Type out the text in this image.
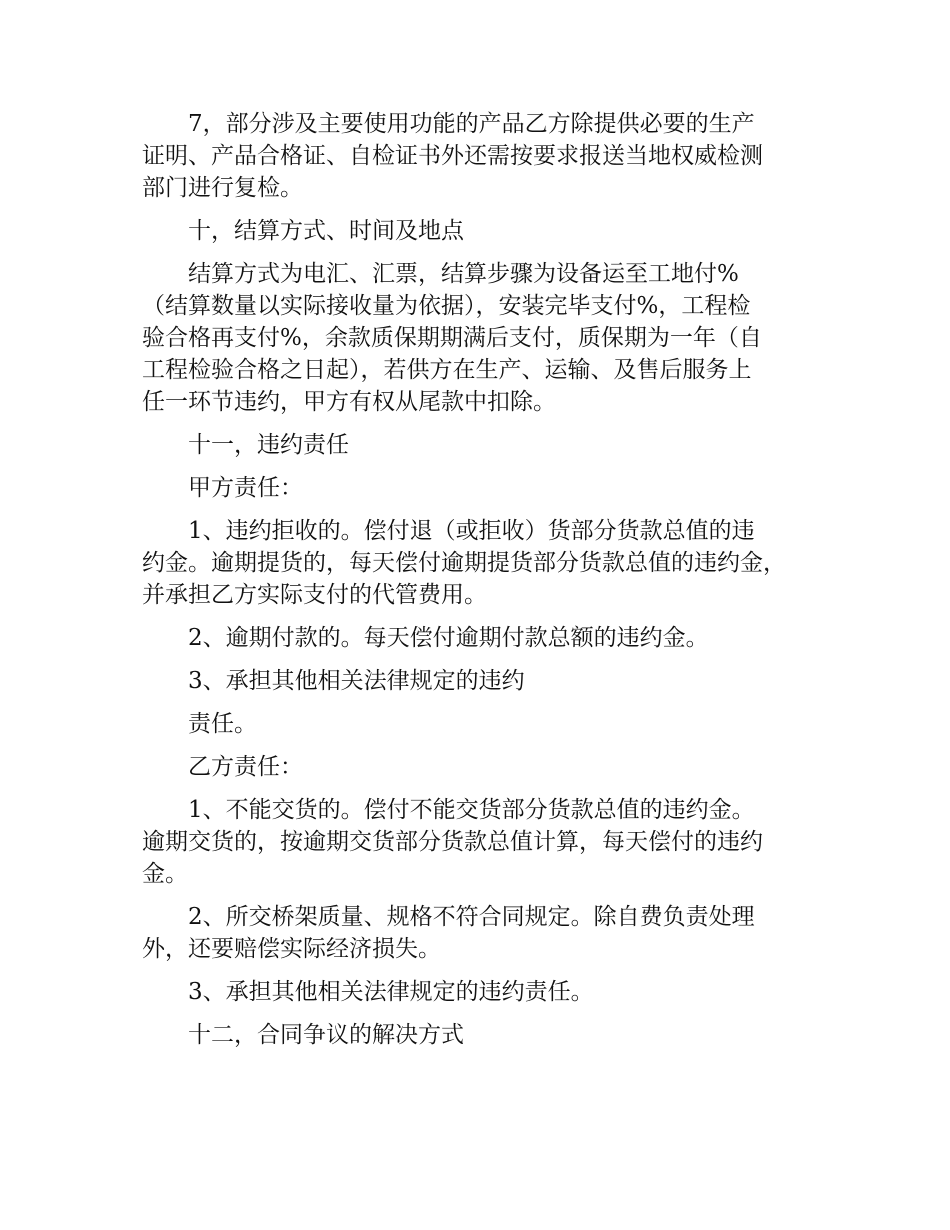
7，部分涉及主要使用功能的产品乙方除提供必要的生产
证明、产品合格证、自检证书外还需按要求报送当地权威检测
部门进行复检。

十，结算方式、时间及地点

结算方式为电汇、汇票，结算步骤为设备运至工地付%
（结算数量以实际接收量为依据），安装完毕支付%，工程检
验合格再支付%，余款质保期期满后支付，质保期为一年（自
工程检验合格之日起），若供方在生产、运输、及售后服务上
任一环节违约，甲方有权从尾款中扣除。

十一，违约责任

甲方责任：

1、违约拒收的。偿付退（或拒收）货部分货款总值的违
约金。逾期提货的，每天偿付逾期提货部分货款总值的违约金，
并承担乙方实际支付的代管费用。

2、逾期付款的。每天偿付逾期付款总额的违约金。

3、承担其他相关法律规定的违约

责任。

乙方责任：

1、不能交货的。偿付不能交货部分货款总值的违约金。
逾期交货的，按逾期交货部分货款总值计算，每天偿付的违约
金。

2、所交桥架质量、规格不符合同规定。除自费负责处理
外，还要赔偿实际经济损失。

3、承担其他相关法律规定的违约责任。

十二，合同争议的解决方式
